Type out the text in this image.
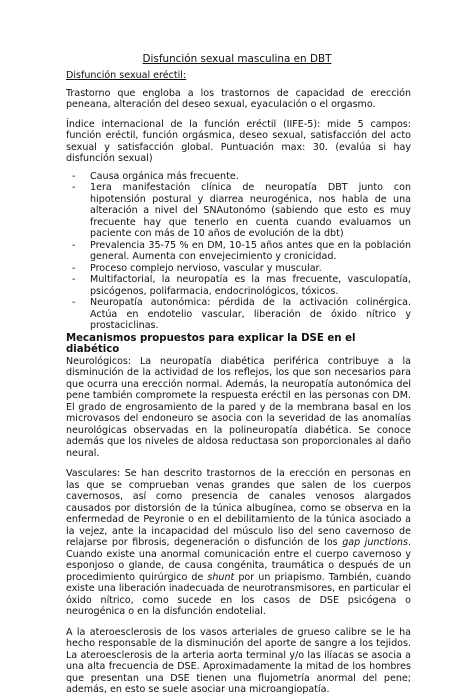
Disfunción sexual masculina en DBT

Disfunción sexual eréctil:

Trastorno que engloba a los trastornos de capacidad de erección peneana, alteración del deseo sexual, eyaculación o el orgasmo.

Índice internacional de la función eréctil (IIFE-5): mide 5 campos: función eréctil, función orgásmica, deseo sexual, satisfacción del acto sexual y satisfacción global. Puntuación max: 30. (evalúa si hay disfunción sexual)

- Causa orgánica más frecuente.
- 1era manifestación clínica de neuropatía DBT junto con hipotensión postural y diarrea neurogénica, nos habla de una alteración a nivel del SNAutonómo (sabiendo que esto es muy frecuente hay que tenerlo en cuenta cuando evaluamos un paciente con más de 10 años de evolución de la dbt)
- Prevalencia 35-75 % en DM, 10-15 años antes que en la población general. Aumenta con envejecimiento y cronicidad.
- Proceso complejo nervioso, vascular y muscular.
- Multifactorial, la neuropatía es la mas frecuente, vasculopatía, psicógenos, polifarmacia, endocrinológicos, tóxicos.
- Neuropatía autonómica: pérdida de la activación colinérgica. Actúa en endotelio vascular, liberación de óxido nítrico y prostaciclinas.

Mecanismos propuestos para explicar la DSE en el diabético

Neurológicos: La neuropatía diabética periférica contribuye a la disminución de la actividad de los reflejos, los que son necesarios para que ocurra una erección normal. Además, la neuropatía autonómica del pene también compromete la respuesta eréctil en las personas con DM. El grado de engrosamiento de la pared y de la membrana basal en los microvasos del endoneuro se asocia con la severidad de las anomalías neurológicas observadas en la polineuropatía diabética. Se conoce además que los niveles de aldosa reductasa son proporcionales al daño neural.

Vasculares: Se han descrito trastornos de la erección en personas en las que se comprueban venas grandes que salen de los cuerpos cavernosos, así como presencia de canales venosos alargados causados por distorsión de la túnica albugínea, como se observa en la enfermedad de Peyronie o en el debilitamiento de la túnica asociado a la vejez, ante la incapacidad del músculo liso del seno cavernoso de relajarse por fibrosis, degeneración o disfunción de los gap junctions. Cuando existe una anormal comunicación entre el cuerpo cavernoso y esponjoso o glande, de causa congénita, traumática o después de un procedimiento quirúrgico de shunt por un priapismo. También, cuando existe una liberación inadecuada de neurotransmisores, en particular el óxido nítrico, como sucede en los casos de DSE psicógena o neurogénica o en la disfunción endotelial.

A la ateroesclerosis de los vasos arteriales de grueso calibre se le ha hecho responsable de la disminución del aporte de sangre a los tejidos. La ateroesclerosis de la arteria aorta terminal y/o las ilíacas se asocia a una alta frecuencia de DSE. Aproximadamente la mitad de los hombres que presentan una DSE tienen una flujometría anormal del pene; además, en esto se suele asociar una microangiopatía.
